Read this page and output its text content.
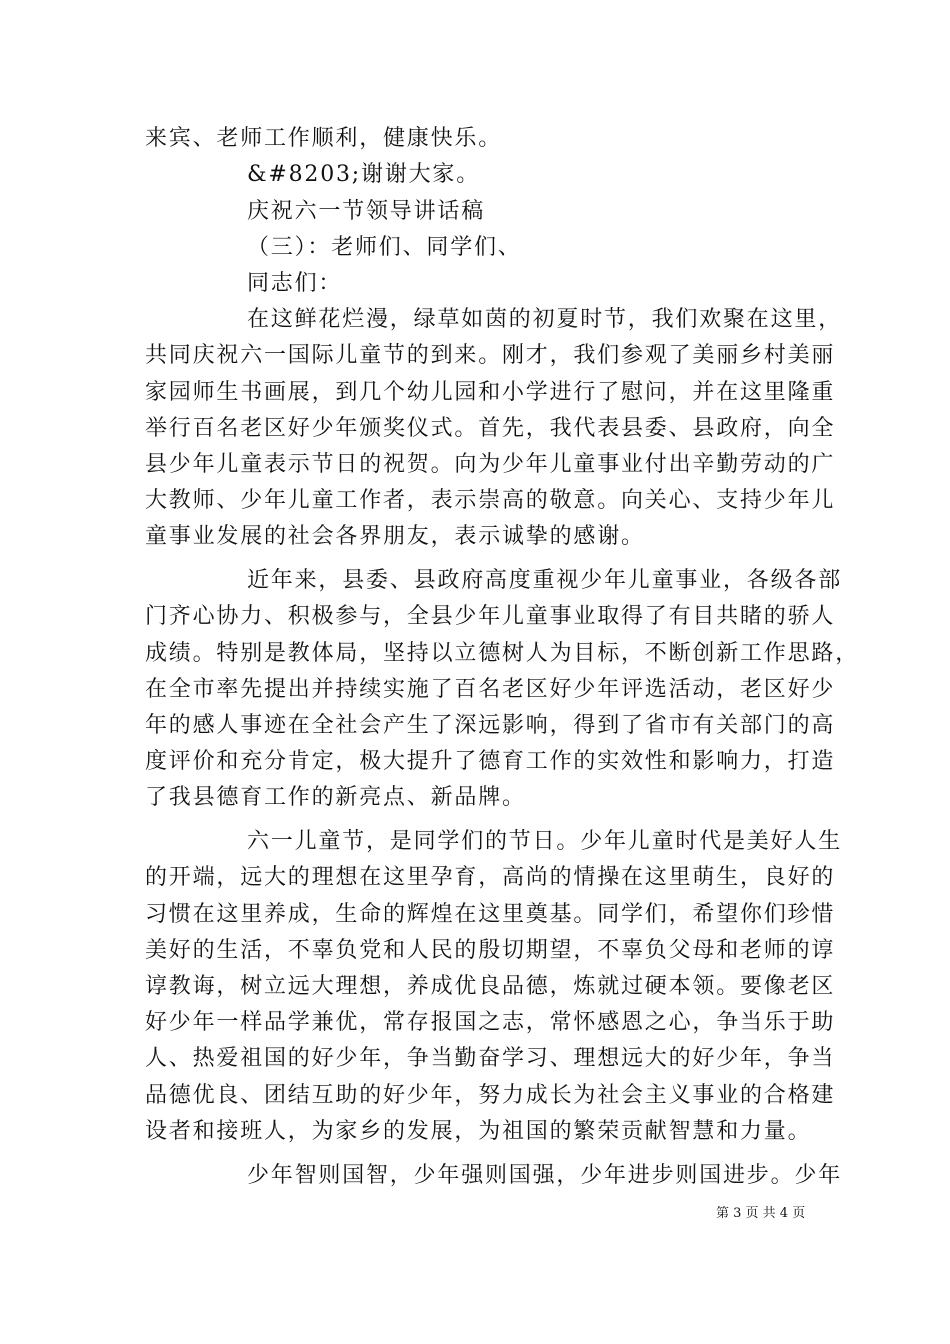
来宾、老师工作顺利，健康快乐。
&#8203;谢谢大家。
庆祝六一节领导讲话稿
（三）：老师们、同学们、
同志们：
在这鲜花烂漫，绿草如茵的初夏时节，我们欢聚在这里，
共同庆祝六一国际儿童节的到来。刚才，我们参观了美丽乡村美丽
家园师生书画展，到几个幼儿园和小学进行了慰问，并在这里隆重
举行百名老区好少年颁奖仪式。首先，我代表县委、县政府，向全
县少年儿童表示节日的祝贺。向为少年儿童事业付出辛勤劳动的广
大教师、少年儿童工作者，表示崇高的敬意。向关心、支持少年儿
童事业发展的社会各界朋友，表示诚挚的感谢。
近年来，县委、县政府高度重视少年儿童事业，各级各部
门齐心协力、积极参与，全县少年儿童事业取得了有目共睹的骄人
成绩。特别是教体局，坚持以立德树人为目标，不断创新工作思路，
在全市率先提出并持续实施了百名老区好少年评选活动，老区好少
年的感人事迹在全社会产生了深远影响，得到了省市有关部门的高
度评价和充分肯定，极大提升了德育工作的实效性和影响力，打造
了我县德育工作的新亮点、新品牌。
六一儿童节，是同学们的节日。少年儿童时代是美好人生
的开端，远大的理想在这里孕育，高尚的情操在这里萌生，良好的
习惯在这里养成，生命的辉煌在这里奠基。同学们，希望你们珍惜
美好的生活，不辜负党和人民的殷切期望，不辜负父母和老师的谆
谆教诲，树立远大理想，养成优良品德，炼就过硬本领。要像老区
好少年一样品学兼优，常存报国之志，常怀感恩之心，争当乐于助
人、热爱祖国的好少年，争当勤奋学习、理想远大的好少年，争当
品德优良、团结互助的好少年，努力成长为社会主义事业的合格建
设者和接班人，为家乡的发展，为祖国的繁荣贡献智慧和力量。
少年智则国智，少年强则国强，少年进步则国进步。少年
第 3 页 共 4 页
